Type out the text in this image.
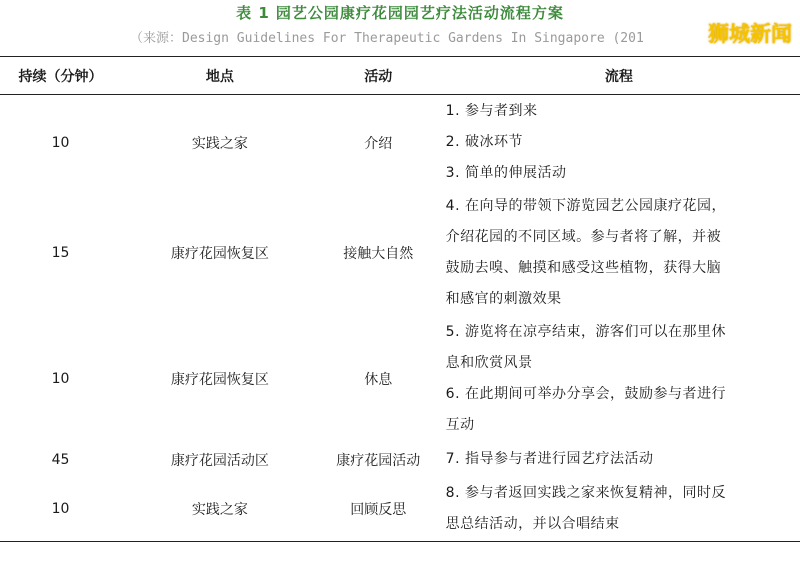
表 1 园艺公园康疗花园园艺疗法活动流程方案
（来源：Design Guidelines For Therapeutic Gardens In Singapore (201	狮城新闻
持续（分钟）	地点	活动	流程
10	实践之家	介绍	1. 参与者到来
2. 破冰环节
3. 简单的伸展活动

15	康疗花园恢复区	接触大自然	4. 在向导的带领下游览园艺公园康疗花园，
介绍花园的不同区域。参与者将了解，并被
鼓励去嗅、触摸和感受这些植物，获得大脑
和感官的刺激效果

10	康疗花园恢复区	休息	5. 游览将在凉亭结束，游客们可以在那里休
息和欣赏风景
6. 在此期间可举办分享会，鼓励参与者进行
互动

45	康疗花园活动区	康疗花园活动	7. 指导参与者进行园艺疗法活动

10	实践之家	回顾反思	8. 参与者返回实践之家来恢复精神，同时反
思总结活动，并以合唱结束
